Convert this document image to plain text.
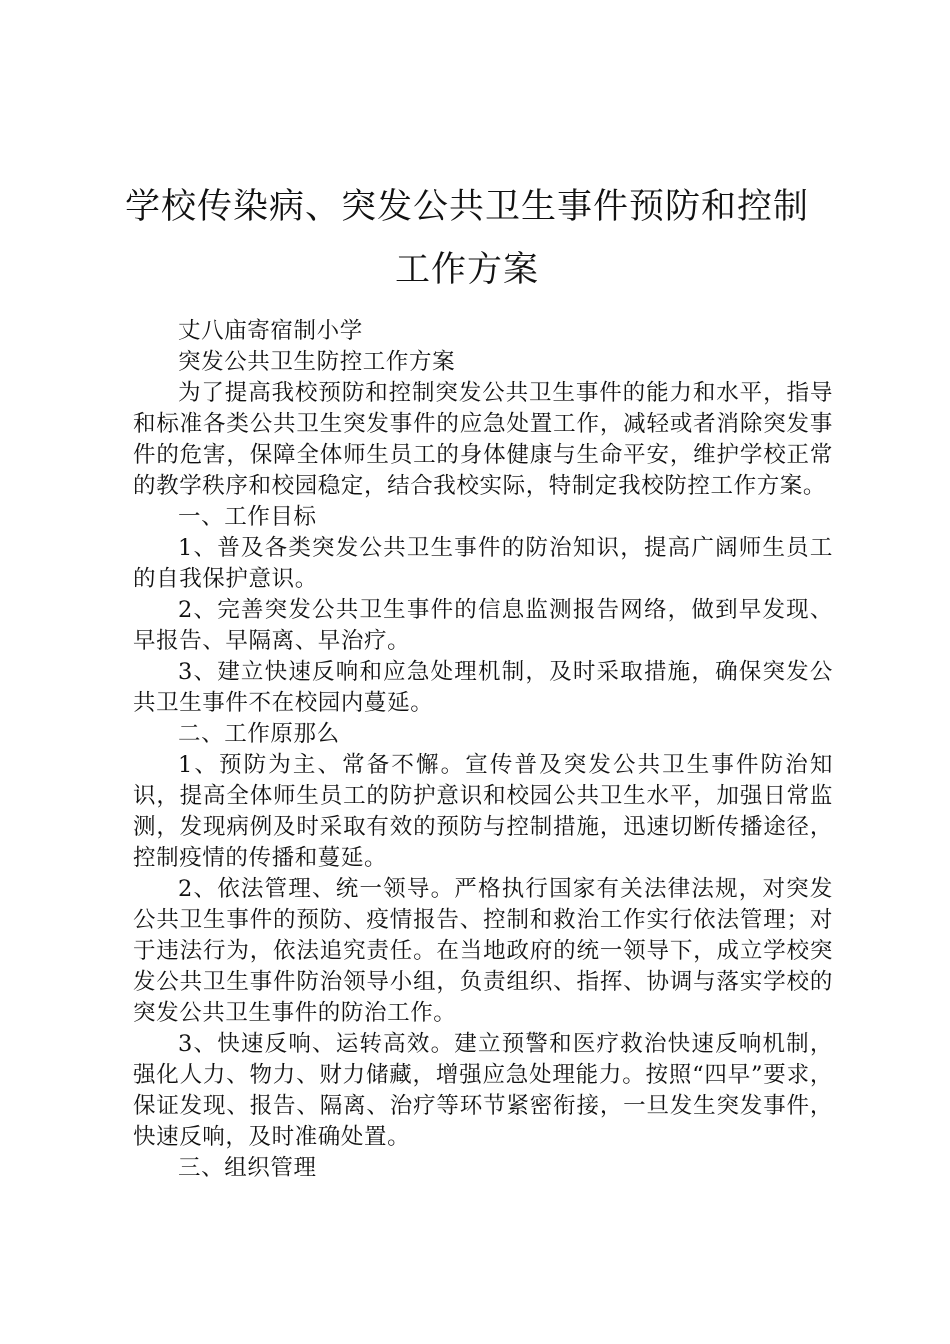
学校传染病、突发公共卫生事件预防和控制
工作方案

丈八庙寄宿制小学

突发公共卫生防控工作方案

为了提高我校预防和控制突发公共卫生事件的能力和水平，指导和标准各类公共卫生突发事件的应急处置工作，减轻或者消除突发事件的危害，保障全体师生员工的身体健康与生命平安，维护学校正常的教学秩序和校园稳定，结合我校实际，特制定我校防控工作方案。

一、工作目标

1、普及各类突发公共卫生事件的防治知识，提高广阔师生员工的自我保护意识。

2、完善突发公共卫生事件的信息监测报告网络，做到早发现、早报告、早隔离、早治疗。

3、建立快速反响和应急处理机制，及时采取措施，确保突发公共卫生事件不在校园内蔓延。

二、工作原那么

1、预防为主、常备不懈。宣传普及突发公共卫生事件防治知识，提高全体师生员工的防护意识和校园公共卫生水平，加强日常监测，发现病例及时采取有效的预防与控制措施，迅速切断传播途径，控制疫情的传播和蔓延。

2、依法管理、统一领导。严格执行国家有关法律法规，对突发公共卫生事件的预防、疫情报告、控制和救治工作实行依法管理；对于违法行为，依法追究责任。在当地政府的统一领导下，成立学校突发公共卫生事件防治领导小组，负责组织、指挥、协调与落实学校的突发公共卫生事件的防治工作。

3、快速反响、运转高效。建立预警和医疗救治快速反响机制，强化人力、物力、财力储藏，增强应急处理能力。按照“四早”要求，保证发现、报告、隔离、治疗等环节紧密衔接，一旦发生突发事件，快速反响，及时准确处置。

三、组织管理
